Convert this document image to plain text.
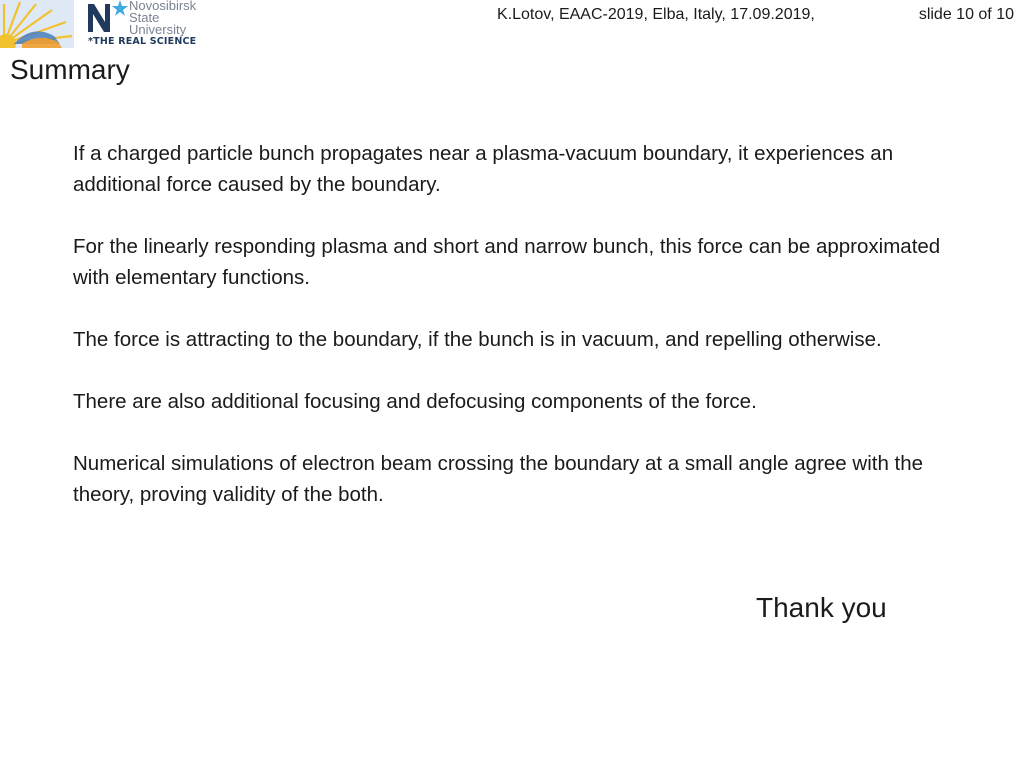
Novosibirsk
State
University
*THE REAL SCIENCE
K.Lotov, EAAC-2019, Elba, Italy, 17.09.2019,	slide 10 of 10
Summary

If a charged particle bunch propagates near a plasma-vacuum boundary, it experiences an additional force caused by the boundary.

For the linearly responding plasma and short and narrow bunch, this force can be approximated with elementary functions.

The force is attracting to the boundary, if the bunch is in vacuum, and repelling otherwise.

There are also additional focusing and defocusing components of the force.

Numerical simulations of electron beam crossing the boundary at a small angle agree with the theory, proving validity of the both.

Thank you
